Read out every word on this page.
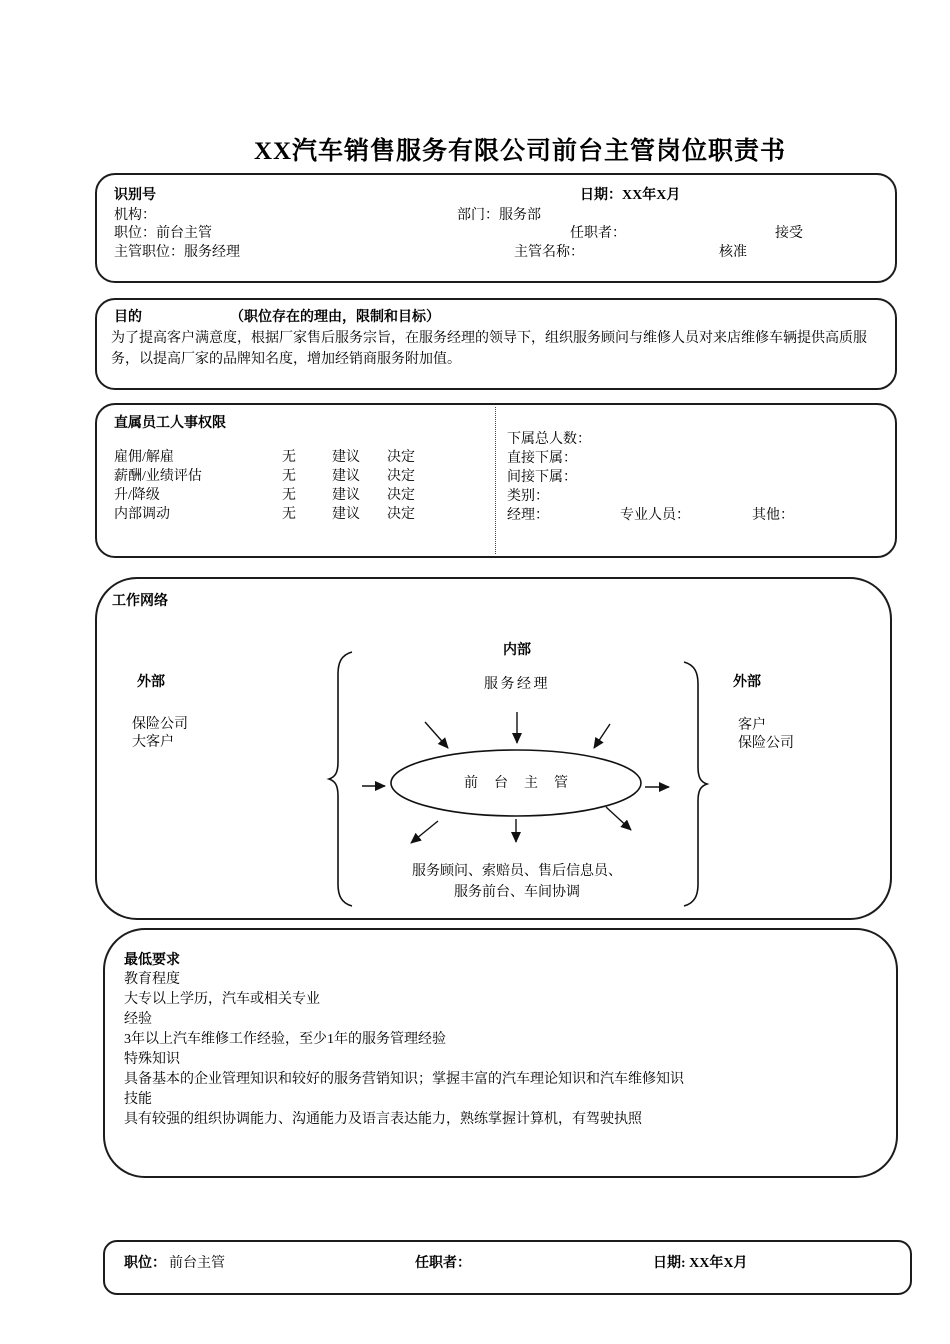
XX汽车销售服务有限公司前台主管岗位职责书
识别号	日期：XX年X月
机构：	部门：服务部
职位：前台主管	任职者：	接受
主管职位：服务经理	主管名称：	核准
目的	（职位存在的理由，限制和目标）
为了提高客户满意度，根据厂家售后服务宗旨，在服务经理的领导下，组织服务顾问与维修人员对来店维修车辆提供高质服务，以提高厂家的品牌知名度，增加经销商服务附加值。
直属员工人事权限
雇佣/解雇	无	建议 决定
薪酬/业绩评估	无	建议 决定
升/降级	无	建议 决定
内部调动	无	建议 决定
下属总人数：
直接下属：
间接下属：
类别：
经理：	专业人员：	其他：
工作网络
内部
服务经理
外部
保险公司
大客户
外部
客户
保险公司
前台主管
服务顾问、索赔员、售后信息员、
服务前台、车间协调
最低要求
教育程度
大专以上学历，汽车或相关专业
经验
3年以上汽车维修工作经验，至少1年的服务管理经验
特殊知识
具备基本的企业管理知识和较好的服务营销知识；掌握丰富的汽车理论知识和汽车维修知识
技能
具有较强的组织协调能力、沟通能力及语言表达能力，熟练掌握计算机，有驾驶执照
职位： 前台主管	任职者：	日期: XX年X月
